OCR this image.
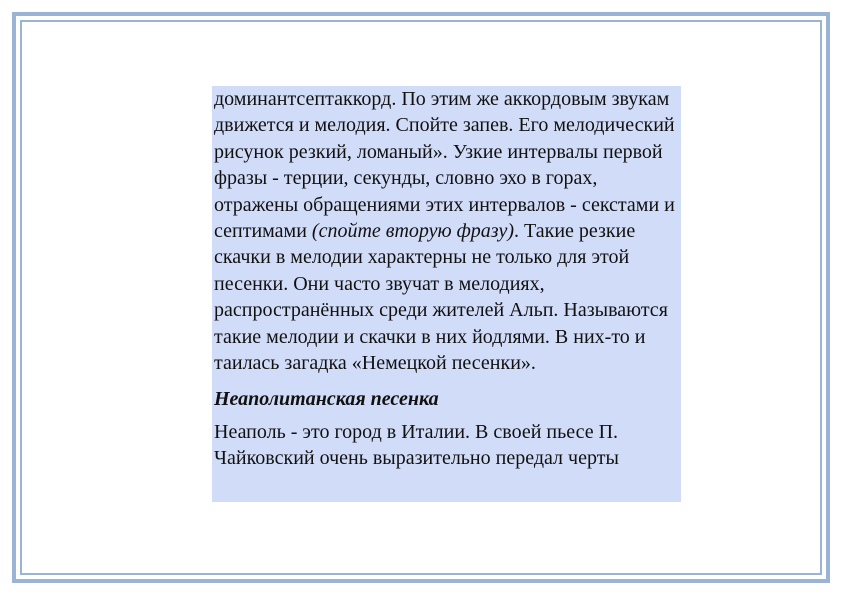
доминантсептаккорд. По этим же аккордовым звукам движется и мелодия. Спойте запев. Его мелодический рисунок резкий, ломаный». Узкие интервалы первой фразы - терции, секунды, словно эхо в горах, отражены обращениями этих интервалов - секстами и септимами (спойте вторую фразу). Такие резкие скачки в мелодии характерны не только для этой песенки. Они часто звучат в мелодиях, распространённых среди жителей Альп. Называются такие мелодии и скачки в них йодлями. В них-то и таилась загадка «Немецкой песенки».

Неаполитанская песенка

Неаполь - это город в Италии. В своей пьесе П. Чайковский очень выразительно передал черты
